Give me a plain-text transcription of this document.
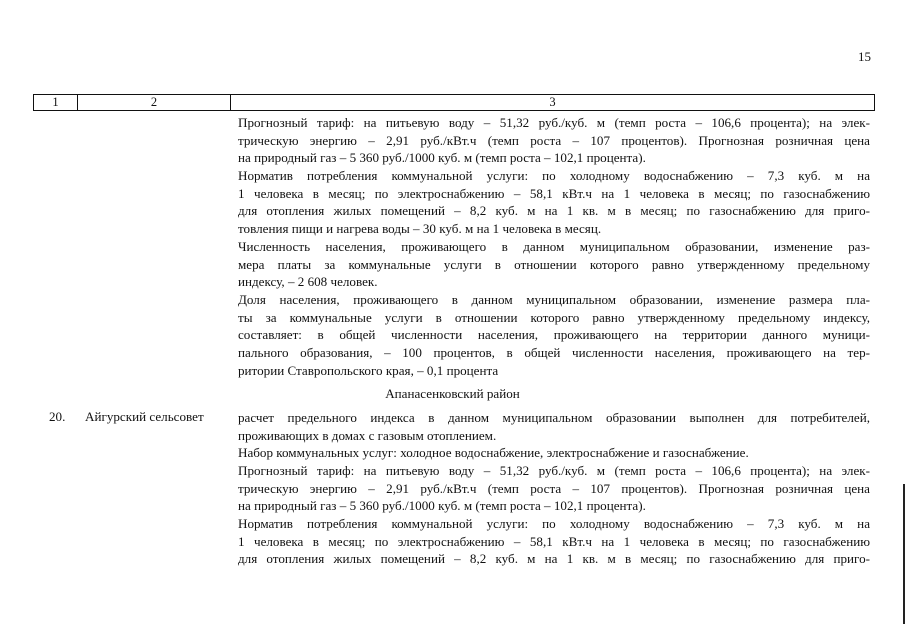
15
1	2	3
Прогнозный тариф: на питьевую воду – 51,32 руб./куб. м (темп роста – 106,6 процента); на элек-
трическую энергию – 2,91 руб./кВт.ч (темп роста – 107 процентов). Прогнозная розничная цена
на природный газ – 5 360 руб./1000 куб. м (темп роста – 102,1 процента).
Норматив потребления коммунальной услуги: по холодному водоснабжению – 7,3 куб. м на
1 человека в месяц; по электроснабжению – 58,1 кВт.ч на 1 человека в месяц; по газоснабжению
для отопления жилых помещений – 8,2 куб. м на 1 кв. м в месяц; по газоснабжению для приго-
товления пищи и нагрева воды – 30 куб. м на 1 человека в месяц.
Численность населения, проживающего в данном муниципальном образовании, изменение раз-
мера платы за коммунальные услуги в отношении которого равно утвержденному предельному
индексу, – 2 608 человек.
Доля населения, проживающего в данном муниципальном образовании, изменение размера пла-
ты за коммунальные услуги в отношении которого равно утвержденному предельному индексу,
составляет: в общей численности населения, проживающего на территории данного муници-
пального образования, – 100 процентов, в общей численности населения, проживающего на тер-
ритории Ставропольского края, – 0,1 процента
Апанасенковский район
20. Айгурский сельсовет	расчет предельного индекса в данном муниципальном образовании выполнен для потребителей,
проживающих в домах с газовым отоплением.
Набор коммунальных услуг: холодное водоснабжение, электроснабжение и газоснабжение.
Прогнозный тариф: на питьевую воду – 51,32 руб./куб. м (темп роста – 106,6 процента); на элек-
трическую энергию – 2,91 руб./кВт.ч (темп роста – 107 процентов). Прогнозная розничная цена
на природный газ – 5 360 руб./1000 куб. м (темп роста – 102,1 процента).
Норматив потребления коммунальной услуги: по холодному водоснабжению – 7,3 куб. м на
1 человека в месяц; по электроснабжению – 58,1 кВт.ч на 1 человека в месяц; по газоснабжению
для отопления жилых помещений – 8,2 куб. м на 1 кв. м в месяц; по газоснабжению для приго-
